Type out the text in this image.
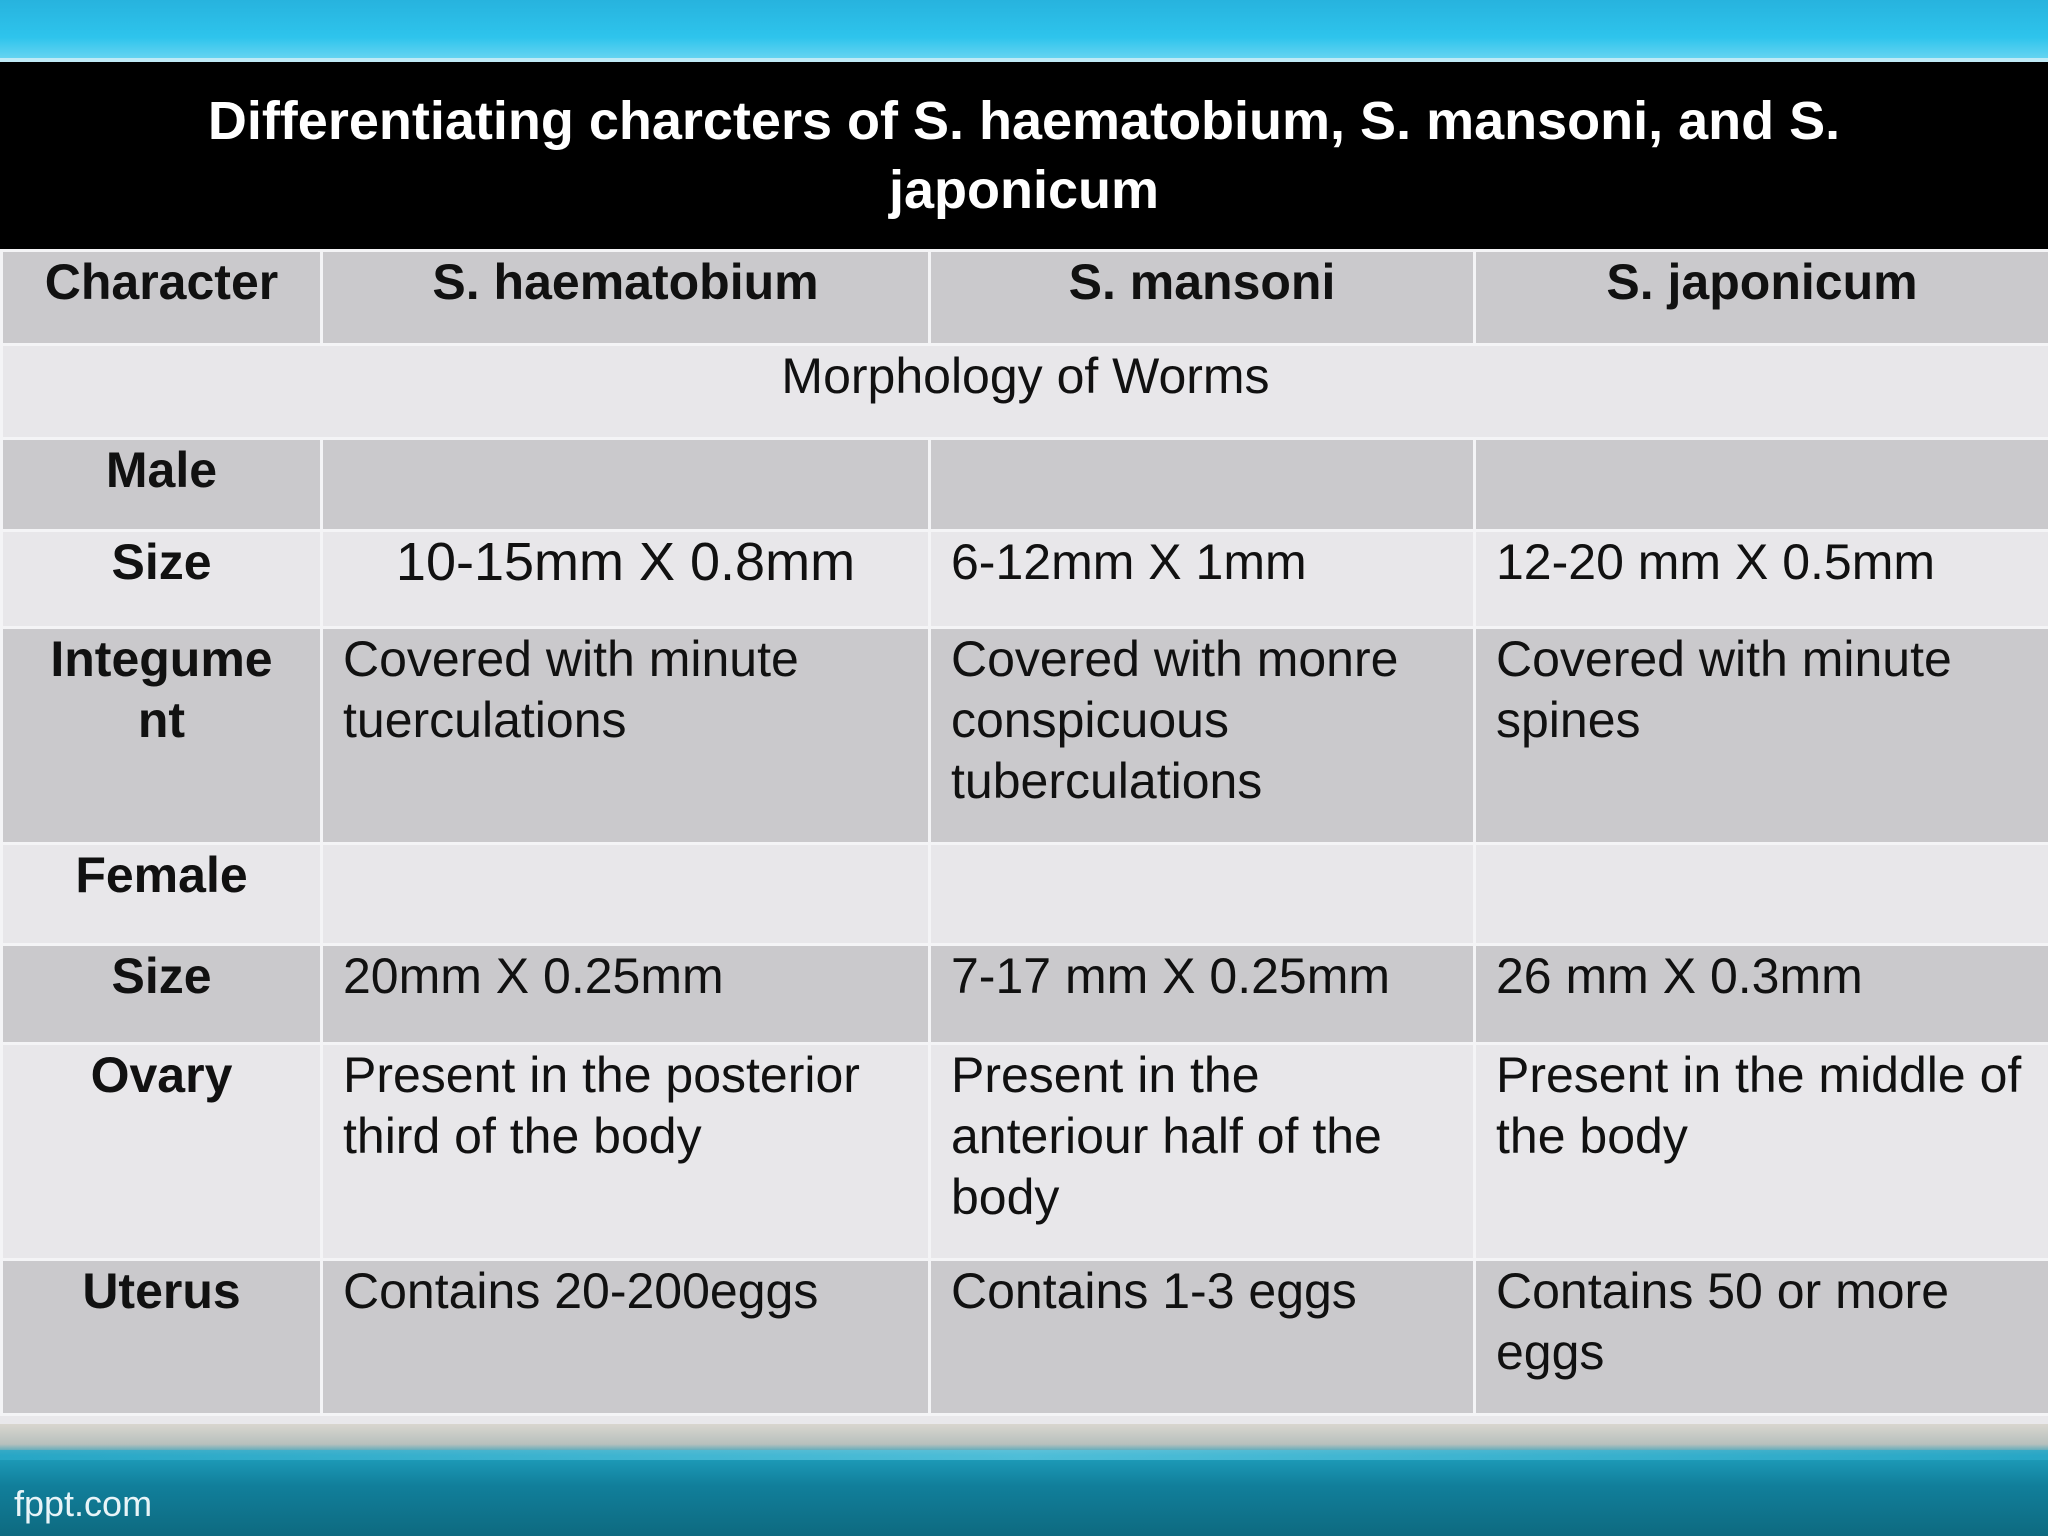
Differentiating charcters of S. haematobium, S. mansoni, and S. japonicum
Character	S. haematobium	S. mansoni	S. japonicum
Morphology of Worms			
Male			
Size	10-15mm X 0.8mm	6-12mm X 1mm	12-20 mm X 0.5mm
Integume nt	Covered with minute tuerculations	Covered with monre conspicuous tuberculations	Covered with minute spines
Female			
Size	20mm X 0.25mm	7-17 mm X 0.25mm	26 mm X 0.3mm
Ovary	Present in the posterior third of the body	Present in the anteriour half of the body	Present in the middle of the body
Uterus	Contains 20-200eggs	Contains 1-3 eggs	Contains 50 or more eggs
fppt.com
